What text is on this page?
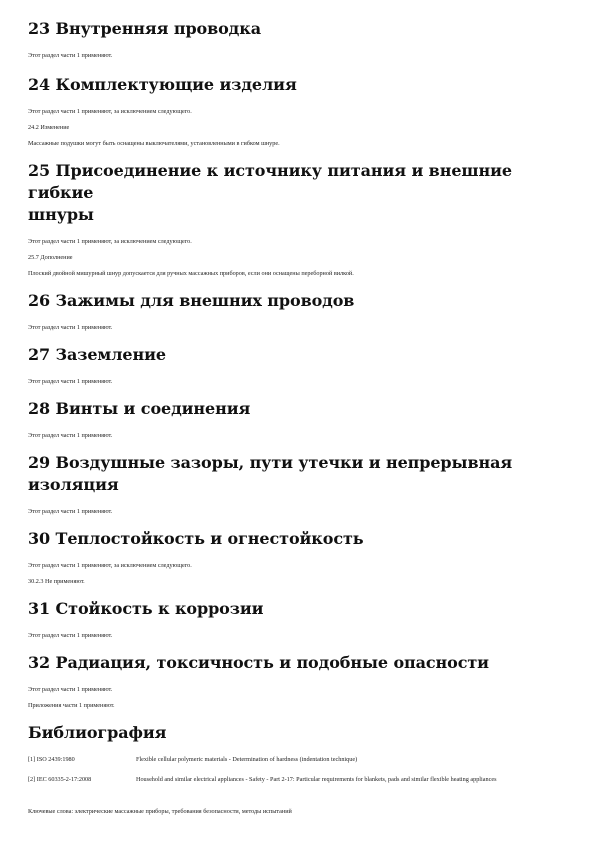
23 Внутренняя проводка

Этот раздел части 1 применяют.

24 Комплектующие изделия

Этот раздел части 1 применяют, за исключением следующего.

24.2 Изменение

Массажные подушки могут быть оснащены выключателями, установленными в гибком шнуре.

25 Присоединение к источнику питания и внешние гибкие
шнуры

Этот раздел части 1 применяют, за исключением следующего.

25.7 Дополнение

Плоский двойной мишурный шнур допускается для ручных массажных приборов, если они оснащены переборной вилкой.

26 Зажимы для внешних проводов

Этот раздел части 1 применяют.

27 Заземление

Этот раздел части 1 применяют.

28 Винты и соединения

Этот раздел части 1 применяют.

29 Воздушные зазоры, пути утечки и непрерывная изоляция

Этот раздел части 1 применяют.

30 Теплостойкость и огнестойкость

Этот раздел части 1 применяют, за исключением следующего.

30.2.3 Не применяют.

31 Стойкость к коррозии

Этот раздел части 1 применяют.

32 Радиация, токсичность и подобные опасности

Этот раздел части 1 применяют.

Приложения части 1 применяют.

Библиография
[1] ISO 2439:1980	Flexible cellular polymeric materials - Determination of hardness (indentation technique)
[2] IEC 60335-2-17:2008	Household and similar electrical appliances - Safety - Part 2-17: Particular requirements for blankets, pads and similar flexible heating appliances

Ключевые слова: электрические массажные приборы, требования безопасности, методы испытаний
